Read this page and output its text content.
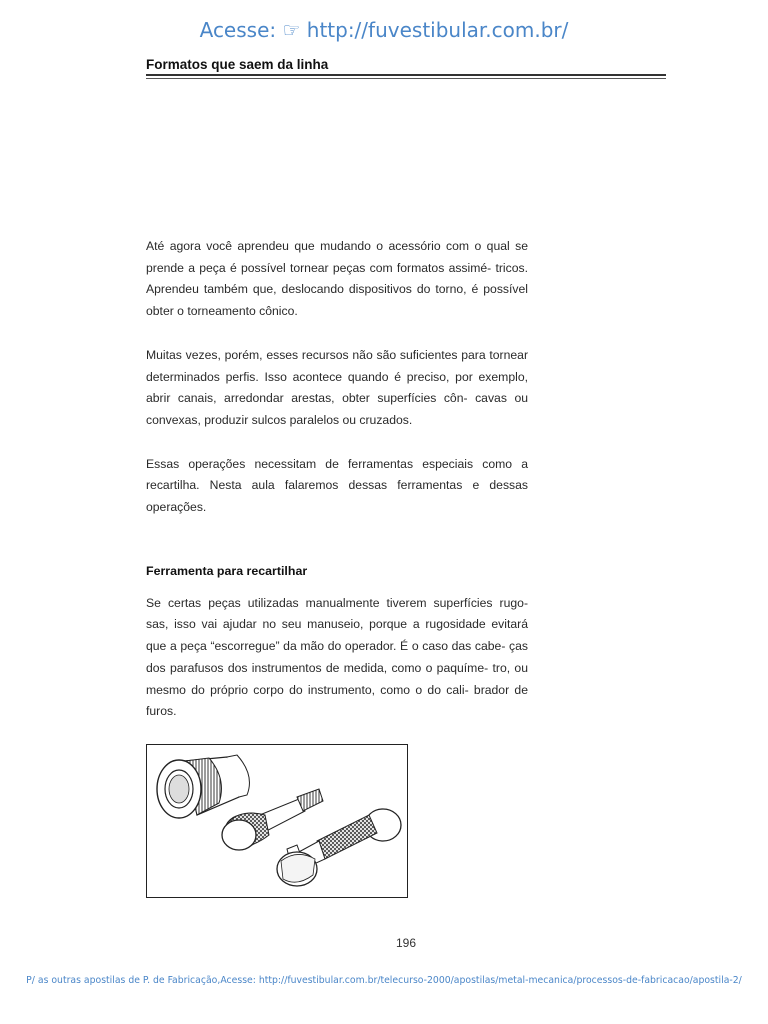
Acesse: ☞ http://fuvestibular.com.br/
Formatos que saem da linha

Até agora você aprendeu que mudando o acessório com o qual se prende a peça é possível tornear peças com formatos assimé- tricos. Aprendeu também que, deslocando dispositivos do torno, é possível obter o torneamento cônico.

Muitas vezes, porém, esses recursos não são suficientes para tornear determinados perfis. Isso acontece quando é preciso, por exemplo, abrir canais, arredondar arestas, obter superfícies côn- cavas ou convexas, produzir sulcos paralelos ou cruzados.

Essas operações necessitam de ferramentas especiais como a recartilha. Nesta aula falaremos dessas ferramentas e dessas operações.

Ferramenta para recartilhar

Se certas peças utilizadas manualmente tiverem superfícies rugo- sas, isso vai ajudar no seu manuseio, porque a rugosidade evitará que a peça “escorregue” da mão do operador. É o caso das cabe- ças dos parafusos dos instrumentos de medida, como o paquíme- tro, ou mesmo do próprio corpo do instrumento, como o do cali- brador de furos.

196
P/ as outras apostilas de P. de Fabricação,Acesse: http://fuvestibular.com.br/telecurso-2000/apostilas/metal-mecanica/processos-de-fabricacao/apostila-2/
